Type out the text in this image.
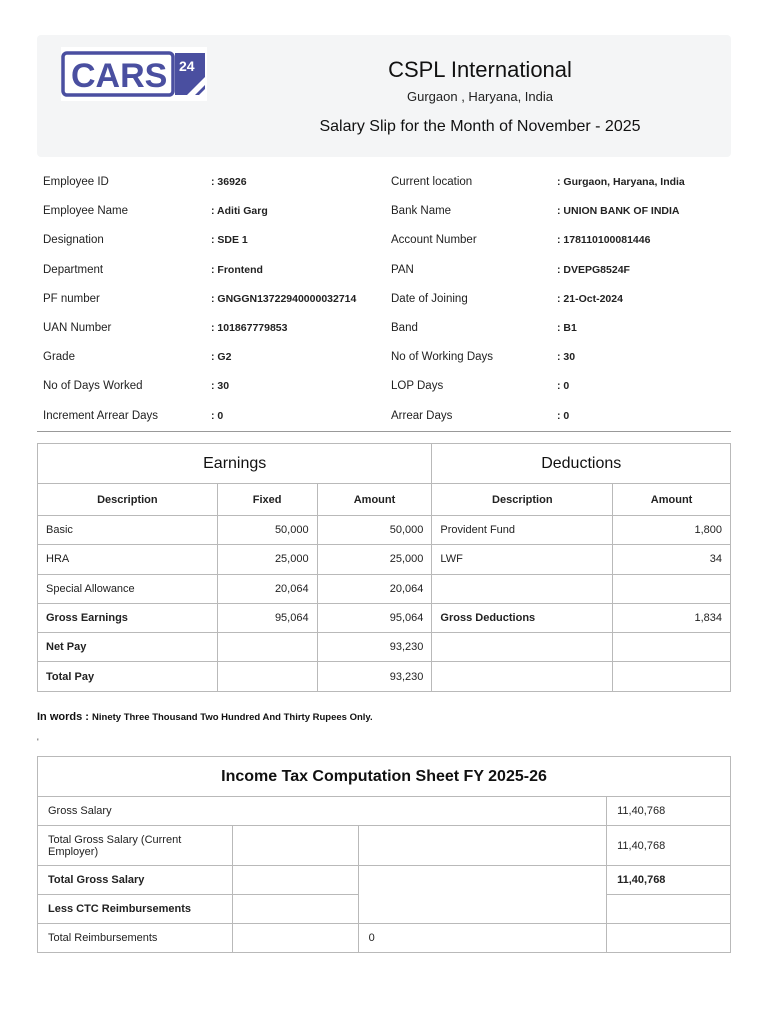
CARS 24	CSPL International
Gurgaon , Haryana, India
Salary Slip for the Month of November - 2025
Employee ID	: 36926	Current location	: Gurgaon, Haryana, India
Employee Name	: Aditi Garg	Bank Name	: UNION BANK OF INDIA
Designation	: SDE 1	Account Number	: 178110100081446
Department	: Frontend	PAN	: DVEPG8524F
PF number	: GNGGN13722940000032714	Date of Joining	: 21-Oct-2024
UAN Number	: 101867779853	Band	: B1
Grade	: G2	No of Working Days	: 30
No of Days Worked	: 30	LOP Days	: 0
Increment Arrear Days	: 0	Arrear Days	: 0
Earnings			Deductions	
Description	Fixed	Amount	Description	Amount
Basic	50,000	50,000	Provident Fund	1,800
HRA	25,000	25,000	LWF	34
Special Allowance	20,064	20,064		
Gross Earnings	95,064	95,064	Gross Deductions	1,834
Net Pay		93,230		
Total Pay		93,230		
In words : Ninety Three Thousand Two Hundred And Thirty Rupees Only.
'
Income Tax Computation Sheet FY 2025-26			
Gross Salary			11,40,768
Total Gross Salary (Current Employer)			11,40,768
Total Gross Salary			11,40,768
Less CTC Reimbursements			
Total Reimbursements		0	
